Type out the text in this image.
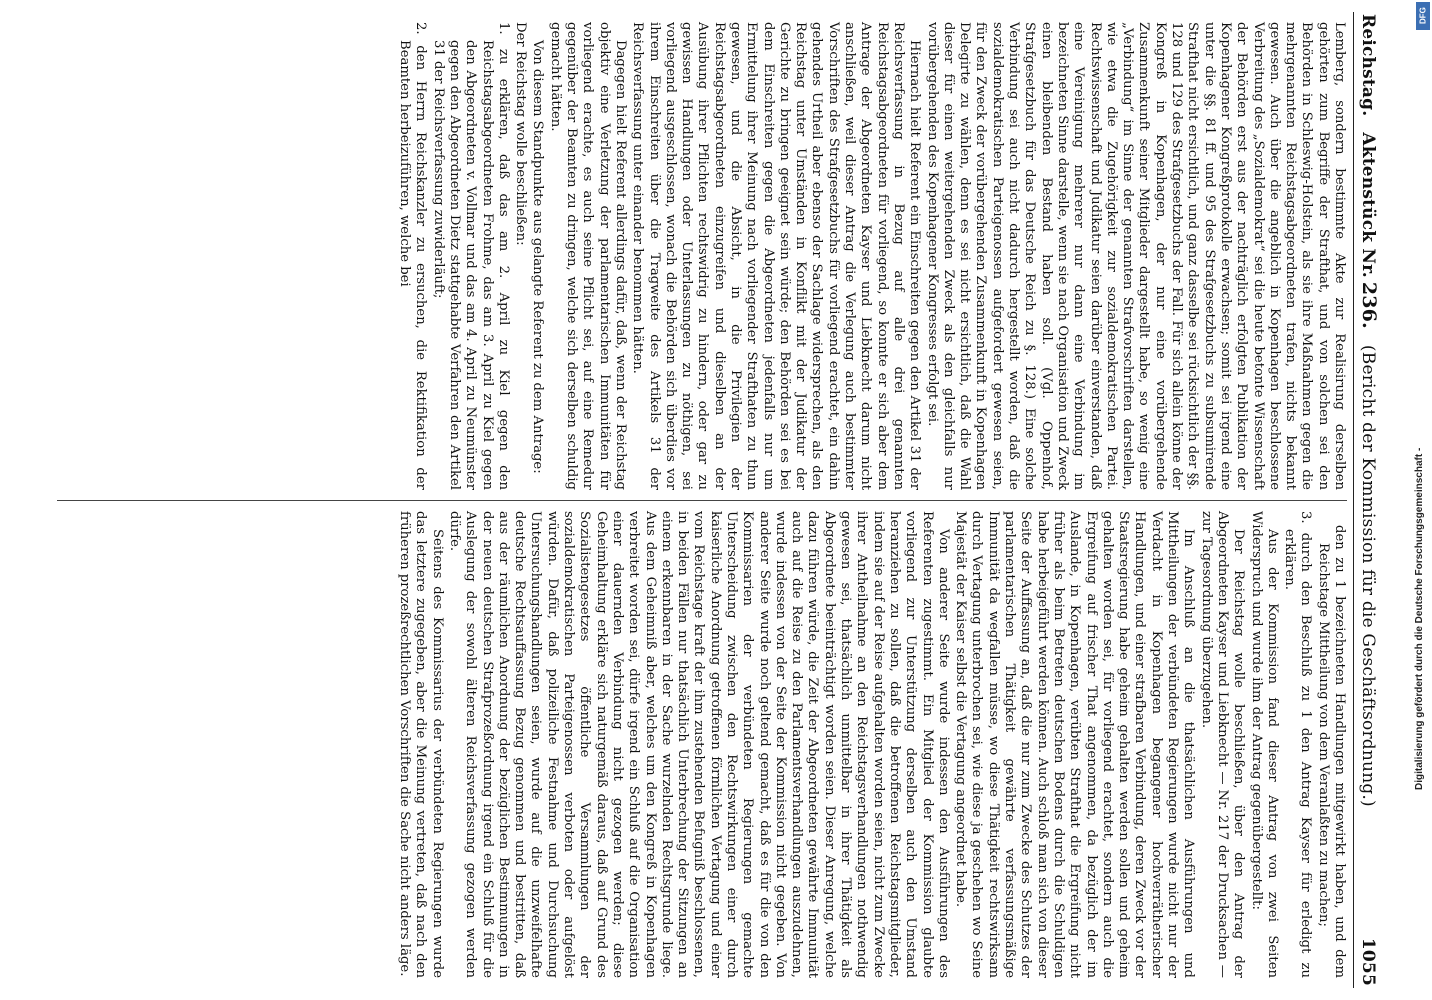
Reichstag.
Aktenstück Nr.
236.
(Bericht der Kommission für die Geschäftsordnung.)
1055

Lemberg, sondern bestimmte Akte zur Realisirung derselben gehörten zum Begriffe der Strafthat, und von solchen sei den Behörden in Schleswig-Holstein, als sie ihre Maßnahmen gegen die mehrgenannten Reichstagsabgeordneten trafen, nichts bekannt gewesen. Auch über die angeblich in Kopenhagen beschlossene Verbreitung des „Sozialdemokrat“ sei die heute betonte Wissenschaft der Behörden erst aus der nachträglich erfolgten Publikation der Kopenhagener Kongreßprotokolle erwachsen; somit sei irgend eine unter die §§. 81 ff. und 95 des Strafgesetzbuchs zu subsumirende Strafthat nicht ersichtlich, und ganz dasselbe sei rücksichtlich der §§. 128 und 129 des Strafgesetzbuchs der Fall. Für sich allein könne der Kongreß in Kopenhagen, der nur eine vorübergehende Zusammenkunft seiner Mitglieder dargestellt habe, so wenig eine „Verbindung“ im Sinne der genannten Strafvorschriften darstellen, wie etwa die Zugehörigkeit zur sozialdemokratischen Partei. Rechtswissenschaft und Judikatur seien darüber einverstanden, daß eine Vereinigung mehrerer nur dann eine Verbindung im bezeichneten Sinne darstelle, wenn sie nach Organisation und Zweck einen bleibenden Bestand haben soll. (Vgl. Oppenhof, Strafgesetzbuch für das Deutsche Reich zu §. 128.) Eine solche Verbindung sei auch nicht dadurch hergestellt worden, daß die sozialdemokratischen Parteigenossen aufgefordert gewesen seien, für den Zweck der vorübergehenden Zusammenkunft in Kopenhagen Delegirte zu wählen, denn es sei nicht ersichtlich, daß die Wahl dieser für einen weitergehenden Zweck als den gleichfalls nur vorübergehenden des Kopenhagener Kongresses erfolgt sei.

Hiernach hielt Referent ein Einschreiten gegen den Artikel 31 der Reichsverfassung in Bezug auf alle drei genannten Reichstagsabgeordneten für vorliegend, so konnte er sich aber dem Antrage der Abgeordneten Kayser und Liebknecht darum nicht anschließen, weil dieser Antrag die Verlegung auch bestimmter Vorschriften des Strafgesetzbuchs für vorliegend erachtet, ein dahin gehendes Urtheil aber ebenso der Sachlage widersprechen, als den Reichstag unter Umständen in Konflikt mit der Judikatur der Gerichte zu bringen geeignet sein würde; den Behörden sei es bei dem Einschreiten gegen die Abgeordneten jedenfalls nur um Ermittelung ihrer Meinung nach vorliegender Strafthaten zu thun gewesen, und die Absicht, in die Privilegien der Reichstagsabgeordneten einzugreifen und dieselben an der Ausübung ihrer Pflichten rechtswidrig zu hindern, oder gar zu gewissen Handlungen oder Unterlassungen zu nöthigen, sei vorliegend ausgeschlossen, wonach die Behörden sich überdies vor ihrem Einschreiten über die Tragweite des Artikels 31 der Reichsverfassung unter einander benommen hätten.

Dagegen hielt Referent allerdings dafür, daß, wenn der Reichstag objektiv eine Verletzung der parlamentarischen Immunitäten für vorliegend erachte, es auch seine Pflicht sei, auf eine Remedur gegenüber der Beamten zu dringen, welche sich derselben schuldig gemacht hätten.

Von diesem Standpunkte aus gelangte Referent zu dem Antrage:

Der Reichstag wolle beschließen:

1. zu erklären, daß das am 2. April zu Kiel gegen den Reichstagsabgeordneten Frohme, das am 3. April zu Kiel gegen den Abgeordneten v. Vollmar und das am 4. April zu Neumünster gegen den Abgeordneten Dietz stattgehabte Verfahren den Artikel 31 der Reichsverfassung zuwiderläuft;

2. den Herrn Reichskanzler zu ersuchen, die Rektifikation der Beamten herbeizuführen, welche bei

den zu 1 bezeichneten Handlungen mitgewirkt haben, und dem Reichstage Mittheilung von dem Veranlaßten zu machen;

3. durch den Beschluß zu 1 den Antrag Kayser für erledigt zu erklären.

Aus der Kommission fand dieser Antrag von zwei Seiten Widerspruch und wurde ihm der Antrag gegenübergestellt:

Der Reichstag wolle beschließen, über den Antrag der Abgeordneten Kayser und Liebknecht — Nr. 217 der Drucksachen — zur Tagesordnung überzugehen.

Im Anschluß an die thatsächlichen Ausführungen und Mittheilungen der verbündeten Regierungen wurde nicht nur der Verdacht in Kopenhagen begangener hochverrätherischer Handlungen, und einer strafbaren Verbindung, deren Zweck vor der Staatsregierung habe geheim gehalten werden sollen und geheim gehalten worden sei, für vorliegend erachtet, sondern auch die Ergreifung auf frischer That angenommen, da bezüglich der im Auslande, in Kopenhagen, verübten Strafthat die Ergreifung nicht früher als beim Betreten deutschen Bodens durch die Schuldigen habe herbeigeführt werden können. Auch schloß man sich von dieser Seite der Auffassung an, daß die nur zum Zwecke des Schutzes der parlamentarischen Thätigkeit gewährte verfassungsmäßige Immunität da wegfallen müsse, wo diese Thätigkeit rechtswirksam durch Vertagung unterbrochen sei, wie diese ja geschehen wo Seine Majestät der Kaiser selbst die Vertagung angeordnet habe.

Von anderer Seite wurde indessen den Ausführungen des Referenten zugestimmt. Ein Mitglied der Kommission glaubte vorliegend zur Unterstützung derselben auch den Umstand heranziehen zu sollen, daß die betroffenen Reichstagsmitglieder, indem sie auf der Reise aufgehalten worden seien, nicht zum Zwecke ihrer Antheilnahme an den Reichstagsverhandlungen nothwendig gewesen sei, thatsächlich unmittelbar in ihrer Thätigkeit als Abgeordnete beeinträchtigt worden seien. Dieser Anregung, welche dazu führen würde, die Zeit der Abgeordneten gewährte Immunität auch auf die Reise zu den Parlamentsverhandlungen auszudehnen, wurde indessen von der Seite der Kommission nicht gegeben. Von anderer Seite wurde noch geltend gemacht, daß es für die von den Kommissarien der verbündeten Regierungen gemachte Unterscheidung zwischen den Rechtswirkungen einer durch kaiserliche Anordnung getroffenen förmlichen Vertagung und einer vom Reichstage kraft der ihm zustehenden Befugniß beschlossenen, in beiden Fällen nur thatsächlich Unterbrechung der Sitzungen an einem erkennbaren in der Sache wurzelnden Rechtsgrunde liege. Aus dem Geheimniß aber, welches um den Kongreß in Kopenhagen verbreitet worden sei, dürfe irgend ein Schluß auf die Organisation einer dauernden Verbindung nicht gezogen werden; diese Geheimhaltung erkläre sich naturgemäß daraus, daß auf Grund des Sozialistengesetzes öffentliche Versammlungen der sozialdemokratischen Parteigenossen verboten oder aufgelöst würden. Dafür, daß polizeiliche Festnahme und Durchsuchung Untersuchungshandlungen seien, wurde auf die unzweifelhafte deutsche Rechtsauffassung Bezug genommen und bestritten, daß aus der räumlichen Anordnung der bezüglichen Bestimmungen in der neuen deutschen Strafprozeßordnung irgend ein Schluß für die Auslegung der sowohl älteren Reichsverfassung gezogen werden dürfe.

Seitens des Kommissarius der verbündeten Regierungen wurde das letztere zugegeben, aber die Meinung vertreten, daß nach den früheren prozeßrechtlichen Vorschriften die Sache nicht anders läge.

DFG
Digitalisierung gefördert durch die Deutsche Forschungsgemeinschaft -
